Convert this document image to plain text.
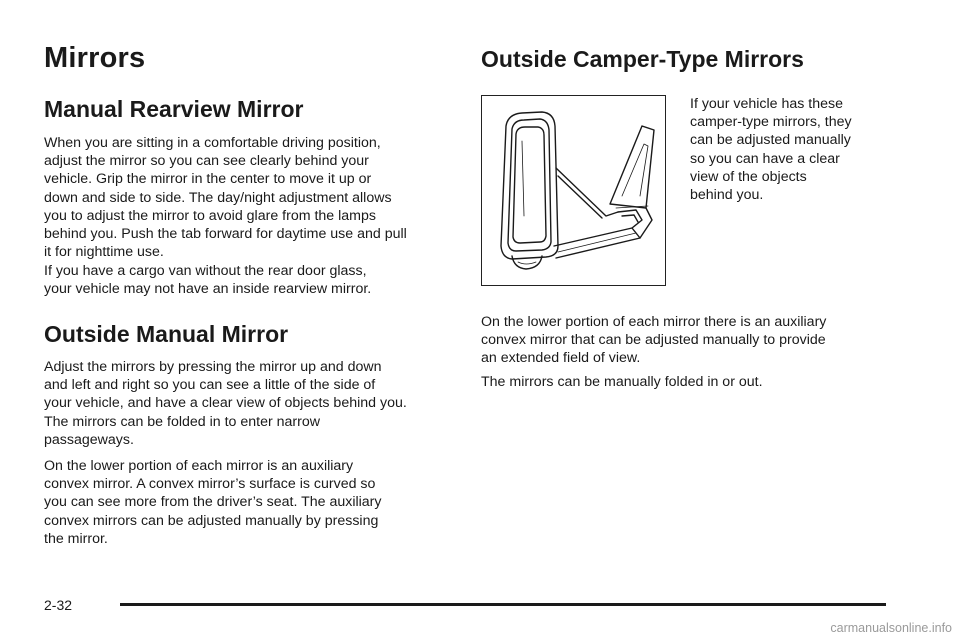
Mirrors
Manual Rearview Mirror

When you are sitting in a comfortable driving position,
adjust the mirror so you can see clearly behind your
vehicle. Grip the mirror in the center to move it up or
down and side to side. The day/night adjustment allows
you to adjust the mirror to avoid glare from the lamps
behind you. Push the tab forward for daytime use and pull
it for nighttime use.

If you have a cargo van without the rear door glass,
your vehicle may not have an inside rearview mirror.

Outside Manual Mirror

Adjust the mirrors by pressing the mirror up and down
and left and right so you can see a little of the side of
your vehicle, and have a clear view of objects behind you.
The mirrors can be folded in to enter narrow
passageways.

On the lower portion of each mirror is an auxiliary
convex mirror. A convex mirror’s surface is curved so
you can see more from the driver’s seat. The auxiliary
convex mirrors can be adjusted manually by pressing
the mirror.

Outside Camper-Type Mirrors

If your vehicle has these
camper-type mirrors, they
can be adjusted manually
so you can have a clear
view of the objects
behind you.

On the lower portion of each mirror there is an auxiliary
convex mirror that can be adjusted manually to provide
an extended field of view.

The mirrors can be manually folded in or out.

2-32
carmanualsonline.info
